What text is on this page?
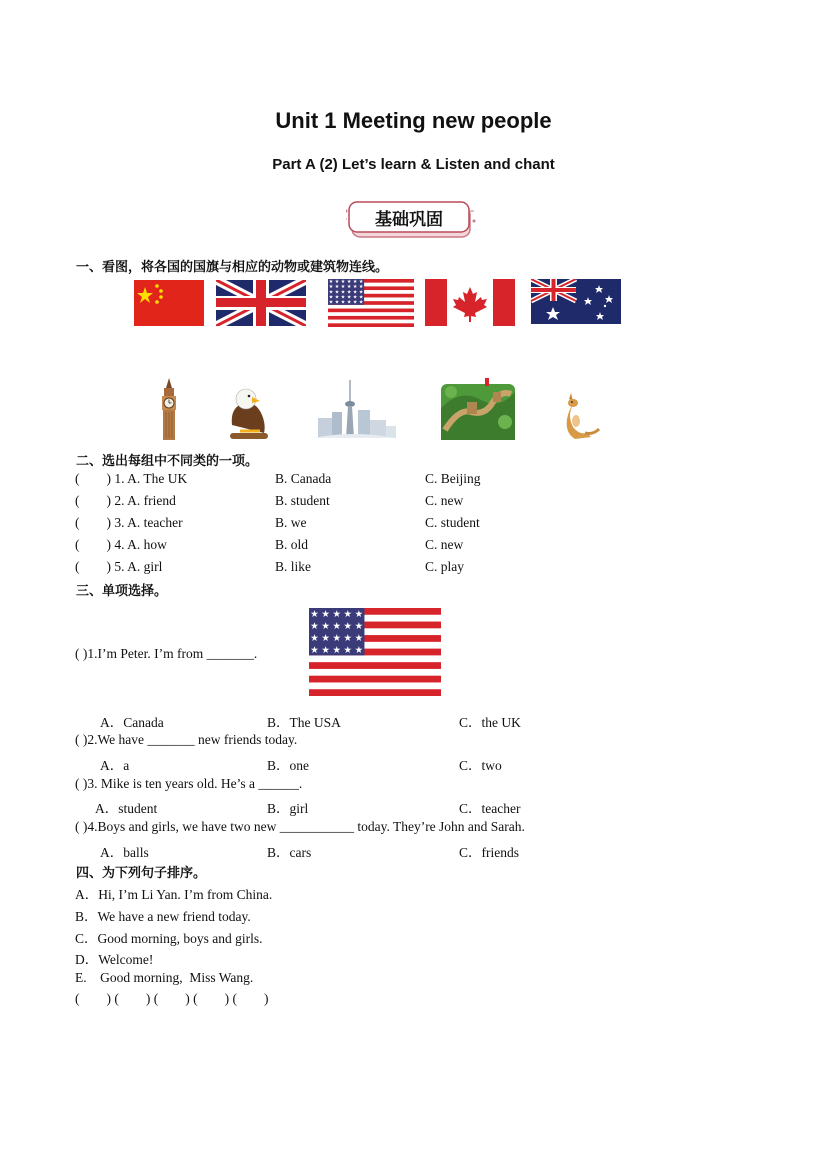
Unit 1 Meeting new people
Part A (2) Let’s learn & Listen and chant
基础巩固
一、看图，将各国的国旗与相应的动物或建筑物连线。
★ ★ ★ ★ ★ ★
★ ★ ★ ★ ★ ★
★ ★ ★ ★ ★ ★
★ ★ ★ ★ ★ ★
★ ★ ★ ★ ★ ★
二、选出每组中不同类的一项。
(        ) 1. A. The UK	B. Canada	C. Beijing
(        ) 2. A. friend	B. student	C. new
(        ) 3. A. teacher	B. we	C. student
(        ) 4. A. how	B. old	C. new
(        ) 5. A. girl	B. like	C. play
三、单项选择。
( )1.I’m Peter. I’m from _______.
★ ★ ★ ★ ★
★ ★ ★ ★ ★
★ ★ ★ ★ ★
★ ★ ★ ★ ★
A．Canada	B．The USA	C．the UK
( )2.We have _______ new friends today.
A．a	B．one	C．two
( )3. Mike is ten years old. He’s a ______.
A．student	B．girl	C．teacher
( )4.Boys and girls, we have two new ___________ today. They’re John and Sarah.
A．balls	B．cars	C．friends
四、为下列句子排序。
A．Hi, I’m Li Yan. I’m from China.
B．We have a new friend today.
C．Good morning, boys and girls.
D．Welcome!
E.    Good morning,  Miss Wang.
(        ) (        ) (        ) (        ) (        )
